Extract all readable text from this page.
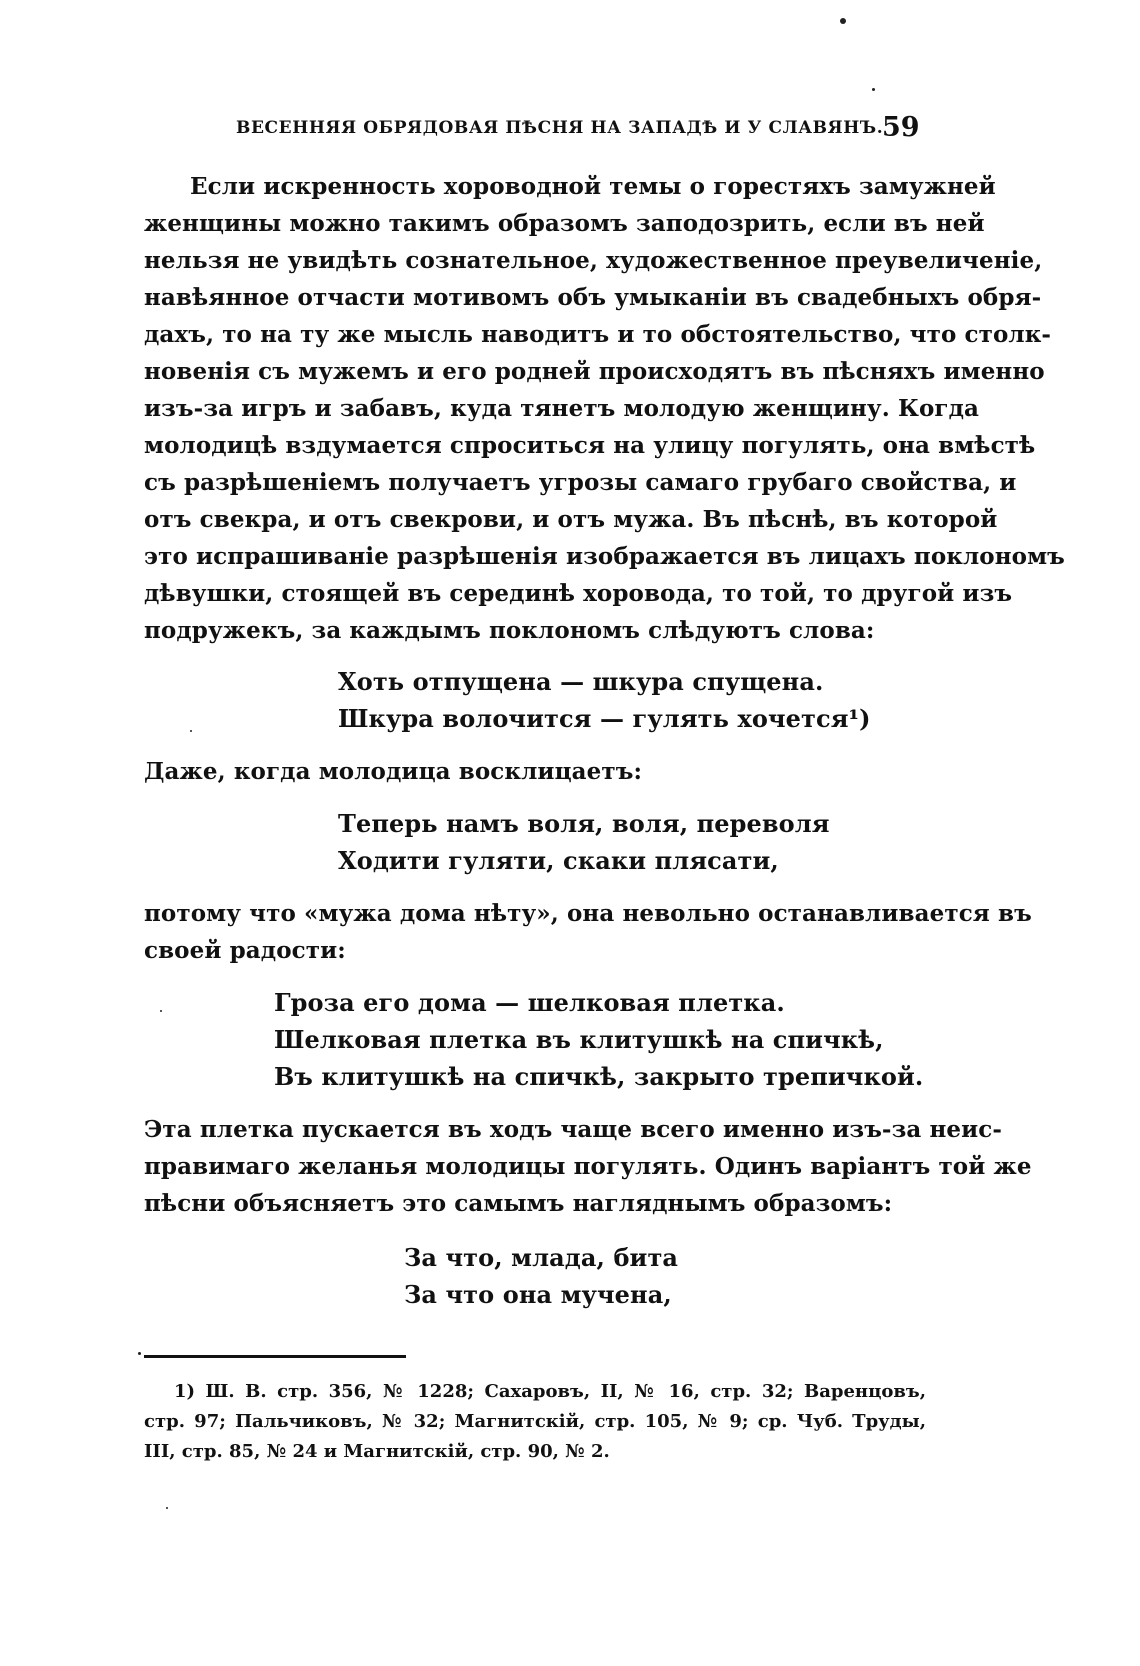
ВЕСЕННЯЯ ОБРЯДОВАЯ ПѢСНЯ НА ЗАПАДѢ И У СЛАВЯНЪ.
59
Если искренность хороводной темы о горестяхъ замужней
женщины можно такимъ образомъ заподозрить, если въ ней
нельзя не увидѣть сознательное, художественное преувеличеніе,
навѣянное отчасти мотивомъ объ умыканіи въ свадебныхъ обря-
дахъ, то на ту же мысль наводитъ и то обстоятельство, что столк-
новенія съ мужемъ и его родней происходятъ въ пѣсняхъ именно
изъ-за игръ и забавъ, куда тянетъ молодую женщину. Когда
молодицѣ вздумается спроситься на улицу погулять, она вмѣстѣ
съ разрѣшеніемъ получаетъ угрозы самаго грубаго свойства, и
отъ свекра, и отъ свекрови, и отъ мужа. Въ пѣснѣ, въ которой
это испрашиваніе разрѣшенія изображается въ лицахъ поклономъ
дѣвушки, стоящей въ серединѣ хоровода, то той, то другой изъ
подружекъ, за каждымъ поклономъ слѣдуютъ слова:
Хоть отпущена — шкура спущена.
Шкура волочится — гулять хочется¹)
Даже, когда молодица восклицаетъ:
Теперь намъ воля, воля, переволя
Ходити гуляти, скаки плясати,
потому что «мужа дома нѣту», она невольно останавливается въ
своей радости:
Гроза его дома — шелковая плетка.
Шелковая плетка въ клитушкѣ на спичкѣ,
Въ клитушкѣ на спичкѣ, закрыто трепичкой.
Эта плетка пускается въ ходъ чаще всего именно изъ-за неис-
правимаго желанья молодицы погулять. Одинъ варіантъ той же
пѣсни объясняетъ это самымъ нагляднымъ образомъ:
За что, млада, бита
За что она мучена,
1) Ш. В. стр. 356, № 1228; Сахаровъ, II, № 16, стр. 32; Варенцовъ,
стр. 97; Пальчиковъ, № 32; Магнитскій, стр. 105, № 9; ср. Чуб. Труды,
III, стр. 85, № 24 и Магнитскій, стр. 90, № 2.
